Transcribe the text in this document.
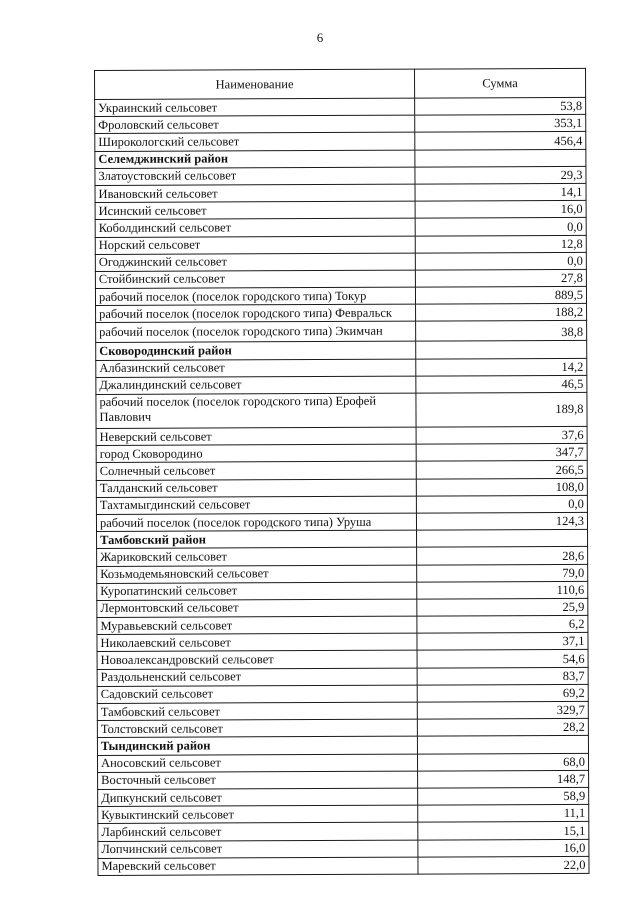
6
Наименование	Сумма
Украинский сельсовет	53,8
Фроловский сельсовет	353,1
Широкологский сельсовет	456,4
Селемджинский район	
Златоустовский сельсовет	29,3
Ивановский сельсовет	14,1
Исинский сельсовет	16,0
Коболдинский сельсовет	0,0
Норский сельсовет	12,8
Огоджинский сельсовет	0,0
Стойбинский сельсовет	27,8
рабочий поселок (поселок городского типа) Токур	889,5
рабочий поселок (поселок городского типа) Февральск	188,2
рабочий поселок (поселок городского типа) Экимчан	38,8
Сковородинский район	
Албазинский сельсовет	14,2
Джалиндинский сельсовет	46,5
рабочий поселок (поселок городского типа) Ерофей Павлович	189,8
Неверский сельсовет	37,6
город Сковородино	347,7
Солнечный сельсовет	266,5
Талданский сельсовет	108,0
Тахтамыгдинский сельсовет	0,0
рабочий поселок (поселок городского типа) Уруша	124,3
Тамбовский район	
Жариковский сельсовет	28,6
Козьмодемьяновский сельсовет	79,0
Куропатинский сельсовет	110,6
Лермонтовский сельсовет	25,9
Муравьевский сельсовет	6,2
Николаевский сельсовет	37,1
Новоалександровский сельсовет	54,6
Раздольненский сельсовет	83,7
Садовский сельсовет	69,2
Тамбовский сельсовет	329,7
Толстовский сельсовет	28,2
Тындинский район	
Аносовский сельсовет	68,0
Восточный сельсовет	148,7
Дипкунский сельсовет	58,9
Кувыктинский сельсовет	11,1
Ларбинский сельсовет	15,1
Лопчинский сельсовет	16,0
Маревский сельсовет	22,0
